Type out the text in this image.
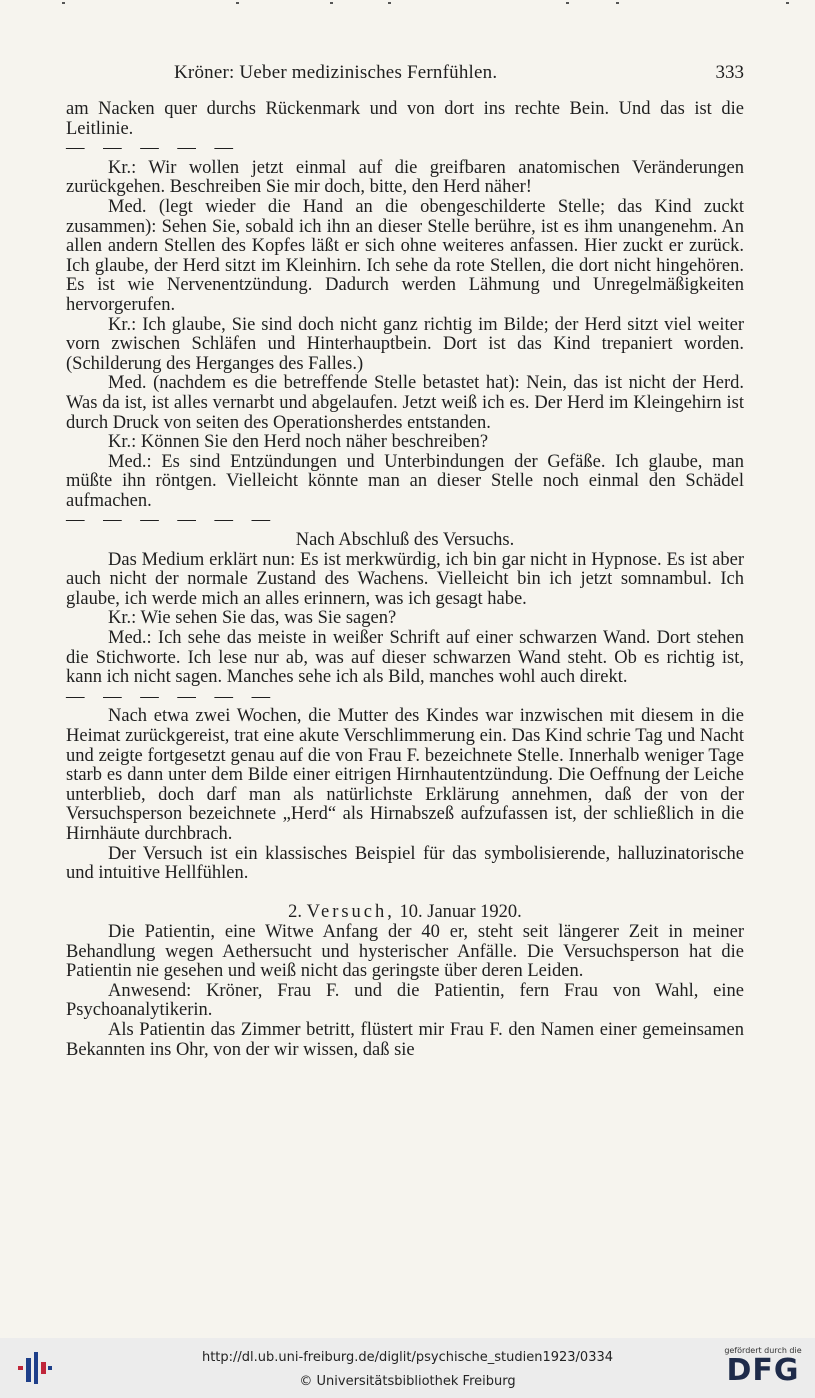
Kröner: Ueber medizinisches Fernfühlen.	333

am Nacken quer durchs Rückenmark und von dort ins rechte Bein. Und das ist die Leitlinie.

— — — — —

Kr.: Wir wollen jetzt einmal auf die greifbaren anatomischen Veränderungen zurückgehen. Beschreiben Sie mir doch, bitte, den Herd näher!

Med. (legt wieder die Hand an die obengeschilderte Stelle; das Kind zuckt zusammen): Sehen Sie, sobald ich ihn an dieser Stelle berühre, ist es ihm unangenehm. An allen andern Stellen des Kopfes läßt er sich ohne weiteres anfassen. Hier zuckt er zurück. Ich glaube, der Herd sitzt im Kleinhirn. Ich sehe da rote Stellen, die dort nicht hingehören. Es ist wie Nervenentzündung. Dadurch werden Lähmung und Unregelmäßigkeiten hervorgerufen.

Kr.: Ich glaube, Sie sind doch nicht ganz richtig im Bilde; der Herd sitzt viel weiter vorn zwischen Schläfen und Hinterhauptbein. Dort ist das Kind trepaniert worden. (Schilderung des Herganges des Falles.)

Med. (nachdem es die betreffende Stelle betastet hat): Nein, das ist nicht der Herd. Was da ist, ist alles vernarbt und abgelaufen. Jetzt weiß ich es. Der Herd im Kleingehirn ist durch Druck von seiten des Operationsherdes entstanden.

Kr.: Können Sie den Herd noch näher beschreiben?

Med.: Es sind Entzündungen und Unterbindungen der Gefäße. Ich glaube, man müßte ihn röntgen. Vielleicht könnte man an dieser Stelle noch einmal den Schädel aufmachen.

— — — — — —

Nach Abschluß des Versuchs.

Das Medium erklärt nun: Es ist merkwürdig, ich bin gar nicht in Hypnose. Es ist aber auch nicht der normale Zustand des Wachens. Vielleicht bin ich jetzt somnambul. Ich glaube, ich werde mich an alles erinnern, was ich gesagt habe.

Kr.: Wie sehen Sie das, was Sie sagen?

Med.: Ich sehe das meiste in weißer Schrift auf einer schwarzen Wand. Dort stehen die Stichworte. Ich lese nur ab, was auf dieser schwarzen Wand steht. Ob es richtig ist, kann ich nicht sagen. Manches sehe ich als Bild, manches wohl auch direkt.

— — — — — —

Nach etwa zwei Wochen, die Mutter des Kindes war inzwischen mit diesem in die Heimat zurückgereist, trat eine akute Verschlimmerung ein. Das Kind schrie Tag und Nacht und zeigte fortgesetzt genau auf die von Frau F. bezeichnete Stelle. Innerhalb weniger Tage starb es dann unter dem Bilde einer eitrigen Hirnhautentzündung. Die Oeffnung der Leiche unterblieb, doch darf man als natürlichste Erklärung annehmen, daß der von der Versuchsperson bezeichnete „Herd“ als Hirnabszeß aufzufassen ist, der schließlich in die Hirnhäute durchbrach.

Der Versuch ist ein klassisches Beispiel für das symbolisierende, halluzinatorische und intuitive Hellfühlen.

2. Versuch, 10. Januar 1920.

Die Patientin, eine Witwe Anfang der 40 er, steht seit längerer Zeit in meiner Behandlung wegen Aethersucht und hysterischer Anfälle. Die Versuchsperson hat die Patientin nie gesehen und weiß nicht das geringste über deren Leiden.

Anwesend: Kröner, Frau F. und die Patientin, fern Frau von Wahl, eine Psychoanalytikerin.

Als Patientin das Zimmer betritt, flüstert mir Frau F. den Namen einer gemeinsamen Bekannten ins Ohr, von der wir wissen, daß sie

http://dl.ub.uni-freiburg.de/diglit/psychische_studien1923/0334
© Universitätsbibliothek Freiburg
gefördert durch die
DFG
